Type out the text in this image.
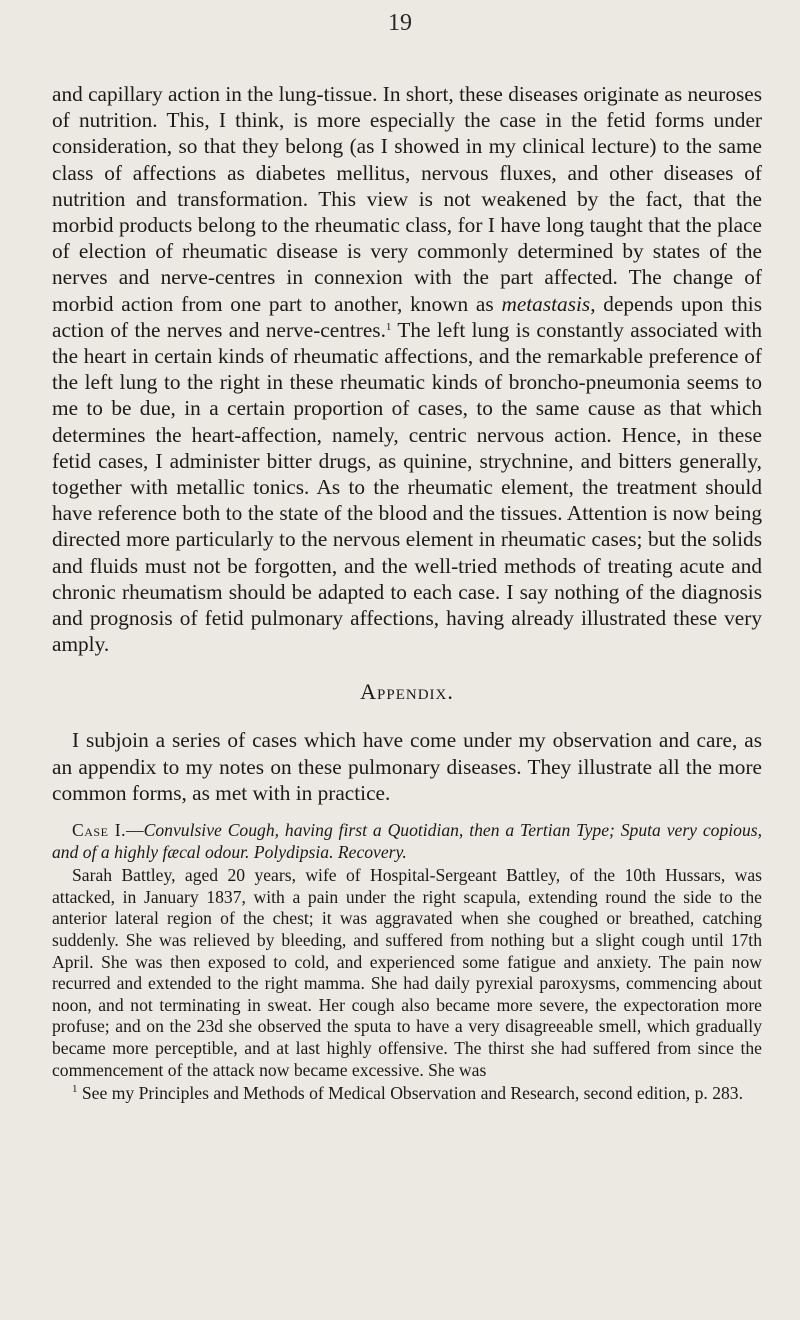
19

and capillary action in the lung-tissue. In short, these diseases originate as neuroses of nutrition. This, I think, is more especially the case in the fetid forms under consideration, so that they belong (as I showed in my clinical lecture) to the same class of affections as diabetes mellitus, nervous fluxes, and other diseases of nutrition and transformation. This view is not weakened by the fact, that the morbid products belong to the rheumatic class, for I have long taught that the place of election of rheumatic disease is very commonly determined by states of the nerves and nerve-centres in connexion with the part affected. The change of morbid action from one part to another, known as metastasis, depends upon this action of the nerves and nerve-centres.$^1$ The left lung is constantly associated with the heart in certain kinds of rheumatic affections, and the remarkable preference of the left lung to the right in these rheumatic kinds of broncho-pneumonia seems to me to be due, in a certain proportion of cases, to the same cause as that which determines the heart-affection, namely, centric nervous action. Hence, in these fetid cases, I administer bitter drugs, as quinine, strychnine, and bitters generally, together with metallic tonics. As to the rheumatic element, the treatment should have reference both to the state of the blood and the tissues. Attention is now being directed more particularly to the nervous element in rheumatic cases; but the solids and fluids must not be forgotten, and the well-tried methods of treating acute and chronic rheumatism should be adapted to each case. I say nothing of the diagnosis and prognosis of fetid pulmonary affections, having already illustrated these very amply.

Appendix.

I subjoin a series of cases which have come under my observation and care, as an appendix to my notes on these pulmonary diseases. They illustrate all the more common forms, as met with in practice.

Case I.—Convulsive Cough, having first a Quotidian, then a Tertian Type; Sputa very copious, and of a highly fæcal odour. Polydipsia. Recovery.

Sarah Battley, aged 20 years, wife of Hospital-Sergeant Battley, of the 10th Hussars, was attacked, in January 1837, with a pain under the right scapula, extending round the side to the anterior lateral region of the chest; it was aggravated when she coughed or breathed, catching suddenly. She was relieved by bleeding, and suffered from nothing but a slight cough until 17th April. She was then exposed to cold, and experienced some fatigue and anxiety. The pain now recurred and extended to the right mamma. She had daily pyrexial paroxysms, commencing about noon, and not terminating in sweat. Her cough also became more severe, the expectoration more profuse; and on the 23d she observed the sputa to have a very disagreeable smell, which gradually became more perceptible, and at last highly offensive. The thirst she had suffered from since the commencement of the attack now became excessive. She was

$^1$ See my Principles and Methods of Medical Observation and Research, second edition, p. 283.
